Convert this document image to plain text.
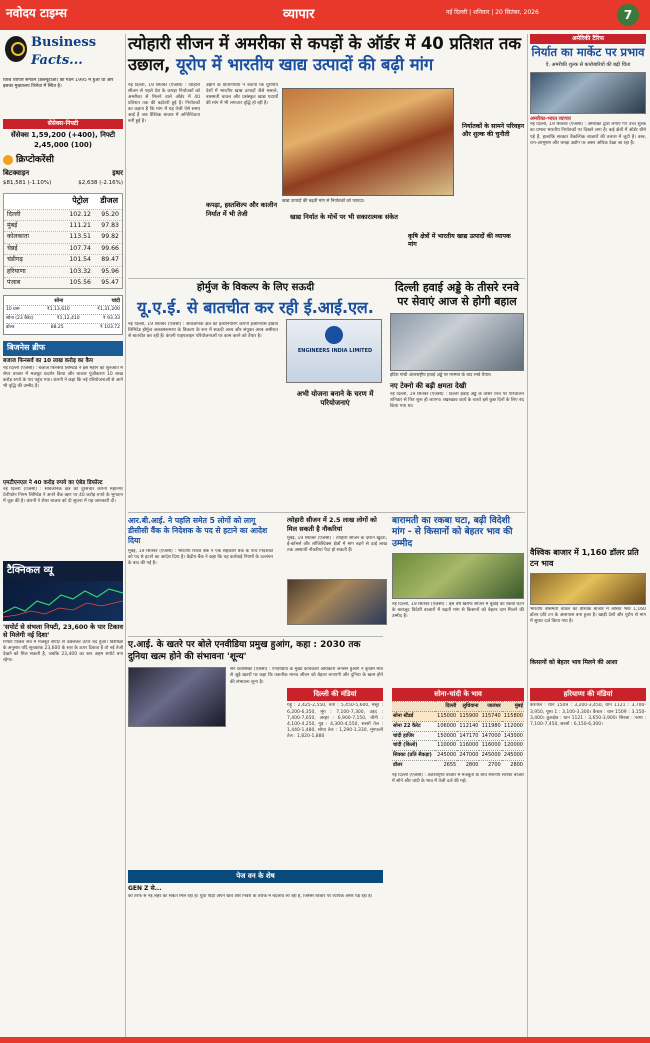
नवोदय टाइम्स	व्यापार	नई दिल्ली | शनिवार | 20 सितंबर, 2026	7
Business
Facts...
विश्व व्यापार संगठन (डब्ल्यूटीओ) का गठन 1995 में हुआ था और इसका मुख्यालय जिनेवा में स्थित है।
सेंसेक्स-निफ्टी
सेंसेक्स 1,59,200 (+400), निफ्टी 2,45,000 (100)
क्रिप्टोकरेंसी
बिटक्वाइन	इथर
$81,581 (-1.10%)	$2,638 (-2.16%)
पेट्रोल डीजल
दिल्ली	102.12	95.20
मुंबई	111.21	97.83
कोलकाता	113.51	99.82
चेन्नई	107.74	99.66
चंडीगढ़	101.54	89.47
हरियाणा	103.32	95.96
पंजाब	105.56	95.47
सोना	चांदी
10 ग्राम	₹1,13,610	₹1,31,200
सोना (23 कैरेट)	₹1,12,410	₹ 93.33
डॉलर	88.25	₹ 103.72
बिजनेस ब्रीफ
बजाज फिनसर्व का 10 लाख करोड़ का कैप
नई दिल्ली (एजेंसी) : बजाज फिनसर्व लिमिटेड ने इस महीने की शुरुआत में शेयर बाजार में मजबूत प्रदर्शन किया और बाजार पूंजीकरण 10 लाख करोड़ रुपये के पार पहुंच गया। कंपनी ने कहा कि नई परियोजनाओं से आगे भी वृद्धि की उम्मीद है।
एमटीएनएल ने 40 करोड़ रुपये का एंबेड डिफॉल्ट
नई दिल्ली (एजेंसी) : सार्वजनिक क्षेत्र की दूरसंचार कंपनी महानगर टेलीफोन निगम लिमिटेड ने अपने बैंक ऋण पर 40 करोड़ रुपये के भुगतान में चूक की है। कंपनी ने शेयर बाजार को दी सूचना में यह जानकारी दी।
टैक्निकल व्यू
'सपोर्ट से संभला निफ्टी, 23,600 के पार टिकाव से मिलेगी नई दिशा'
निफ्टी पिछले सत्र में मजबूत सपोर्ट से उछलकर ऊपर बंद हुआ। विशेषज्ञों के अनुसार यदि सूचकांक 23,600 के स्तर के ऊपर टिकता है तो नई तेजी देखने को मिल सकती है, जबकि 23,400 का स्तर अहम सपोर्ट बना रहेगा।
त्योहारी सीजन में अमरीका से कपड़ों के ऑर्डर में 40 प्रतिशत तक उछाल, यूरोप में भारतीय खाद्य उत्पादों की बढ़ी मांग
नई दिल्ली, 19 सितंबर (एजेंसी) : त्योहारी सीजन से पहले देश के कपड़ा निर्यातकों को अमरीका से मिलने वाले ऑर्डर में 40 प्रतिशत तक की बढ़ोतरी हुई है। निर्यातकों का कहना है कि मांग में यह तेजी ऐसे समय आई है जब वैश्विक बाजार में अनिश्चितता बनी हुई है।
उद्योग के प्रतिनिधियों ने बताया कि यूरोपीय देशों में भारतीय खाद्य उत्पादों जैसे मसाले, बासमती चावल और प्रसंस्कृत खाद्य पदार्थों की मांग में भी लगातार वृद्धि हो रही है।
कपड़ा, हस्तशिल्प और कालीन निर्यात में भी तेजी
खाद्य उत्पादों की बढ़ती मांग से निर्यातकों को फायदा।
खाद्य निर्यात के मोर्चे पर भी सकारात्मक संकेत
निर्यातकों के सामने परिवहन और शुल्क की चुनौती
कृषि क्षेत्रों में भारतीय खाद्य उत्पादों की व्यापक मांग
होर्मुज के विकल्प के लिए सऊदी
यू.ए.ई. से बातचीत कर रही ई.आई.एल.
नई दिल्ली, 19 सितंबर (एजेंसी) : सार्वजनिक क्षेत्र की इंजीनियरिंग कंपनी इंजीनियर्स इंडिया लिमिटेड होर्मुज जलडमरूमध्य के विकल्प के रूप में सऊदी अरब और संयुक्त अरब अमीरात से बातचीत कर रही है। कंपनी पाइपलाइन परियोजनाओं पर काम करने को तैयार है।
ENGINEERS INDIA LIMITED
अभी योजना बनाने के चरण में परियोजनाएं
दिल्ली हवाई अड्डे के तीसरे रनवे पर सेवाएं आज से होगी बहाल
इंदिरा गांधी अंतरराष्ट्रीय हवाई अड्डे पर मरम्मत के बाद रनवे तैयार।
नए टेक्नो की बढ़ी क्षमता देखी
नई दिल्ली, 19 सितंबर (एजेंसी) : दिल्ली हवाई अड्डे के तीसरे रनवे पर परिचालन शनिवार से फिर शुरू हो जाएगा। रखरखाव कार्य के चलते इसे कुछ दिनों के लिए बंद किया गया था।
आर.बी.आई. ने पहलि समेत 5 लोगों को लागू डीसीसी वैंक के निदेशक के पद से हटाने का आदेश दिया
मुंबई, 19 सितंबर (एजेंसी) : भारतीय रिजर्व बैंक ने एक सहकारी बैंक के पांच निदेशकों को पद से हटाने का आदेश दिया है। केंद्रीय बैंक ने कहा कि यह कार्रवाई नियमों के उल्लंघन के बाद की गई है।
त्योहारी सीजन में 2.5 लाख लोगों को मिल सकती है नौकरियां
मुंबई, 19 सितंबर (एजेंसी) : त्योहारी सीजन के दौरान खुदरा, ई-कॉमर्स और लॉजिस्टिक्स क्षेत्रों में मांग बढ़ने से ढाई लाख तक अस्थायी नौकरियां पैदा हो सकती हैं।
बारामती का रकबा घटा, बढ़ी विदेशी मांग - से किसानों को बेहतर भाव की उम्मीद
नई दिल्ली, 19 सितंबर (एजेंसी) : इस वर्ष खरीफ सीजन में बुवाई का रकबा घटने के बावजूद विदेशी बाजारों में बढ़ती मांग से किसानों को बेहतर दाम मिलने की उम्मीद है।
ए.आई. के खतरे पर बोले एनवीडिया प्रमुख हुआंग, कहा : 2030 तक दुनिया खत्म होने की संभावना 'शून्य'
सैन फ्रांसिस्को (एजेंसी) : एनवीडिया के मुख्य कार्यकारी अधिकारी जेनसेन हुआंग ने कृत्रिम मेधा से जुड़े खतरों पर कहा कि तकनीक मानव जीवन को बेहतर बनाएगी और दुनिया के खत्म होने की संभावना शून्य है।
पेज वन के शेष
GEN Z से...
की तरफ से नई लहर का संकेत मिल रहा है। युवा पीढ़ी अपने खर्च और निवेश के तरीके में बदलाव ला रही है, जिससे बाजार पर व्यापक असर पड़ रहा है।
दिल्ली की मंडियां
गेहूं : 2,425-2,550, चना : 5,450-5,600, मसूर : 6,200-6,350, मूंग : 7,100-7,300, उड़द : 7,400-7,650, अरहर : 6,900-7,150, चीनी : 4,100-4,250, गुड़ : 4,300-4,550, सरसों तेल : 1,440-1,480, सोया तेल : 1,290-1,330, मूंगफली तेल : 1,820-1,880
सोना-चांदी के भाव
	दिल्ली	लुधियाना	जालंधर	मुंबई
सोना स्टैंडर्ड	115000	115900	115740	115800
सोना 22 कैरेट	106000	112140	111980	112000
चांदी हाजिर	150000	147170	147000	143000
चांदी (किलो)	110000	116000	116000	120000
सिक्का (प्रति सैकड़ा)	245000	247000	245000	245000
डॉलर	2655	2800	2700	2800
नई दिल्ली (एजेंसी) : अंतरराष्ट्रीय बाजार में मजबूती के बीच स्थानीय सर्राफा बाजार में सोने और चांदी के भाव में तेजी दर्ज की गई।
हरियाणा की मंडियां
करनाल : धान 1509 : 3,200-3,450, धान 1121 : 3,700-3,950, पूसा 1 : 3,100-3,300। कैथल : धान 1509 : 3,150-3,400। कुरुक्षेत्र : धान 1121 : 3,650-3,900। सिरसा : नरमा : 7,100-7,450, सरसों : 6,150-6,300।
अमेरिकी टैरिफ
निर्यात का मार्केट पर प्रभाव
ऐ. अमरीकी शुल्क से कारोबारियों की बढ़ी चिंता
अमरीका-भारत व्यापार
नई दिल्ली, 19 सितंबर (एजेंसी) : अमरीका द्वारा लगाए गए उच्च शुल्क का प्रभाव भारतीय निर्यातकों पर दिखने लगा है। कई क्षेत्रों में ऑर्डर धीमे पड़े हैं, हालांकि सरकार वैकल्पिक बाजारों की तलाश में जुटी है। वस्त्र, रत्न-आभूषण और चमड़ा उद्योग पर असर अधिक देखा जा रहा है।
वैश्विक बाजार में 1,160 डॉलर प्रति टन भाव
भारतीय बासमती चावल का वैश्विक बाजार में औसत भाव 1,160 डॉलर प्रति टन के आसपास बना हुआ है। खाड़ी देशों और यूरोप से मांग में सुधार दर्ज किया गया है।
किसानों को बेहतर भाव मिलने की आशा
